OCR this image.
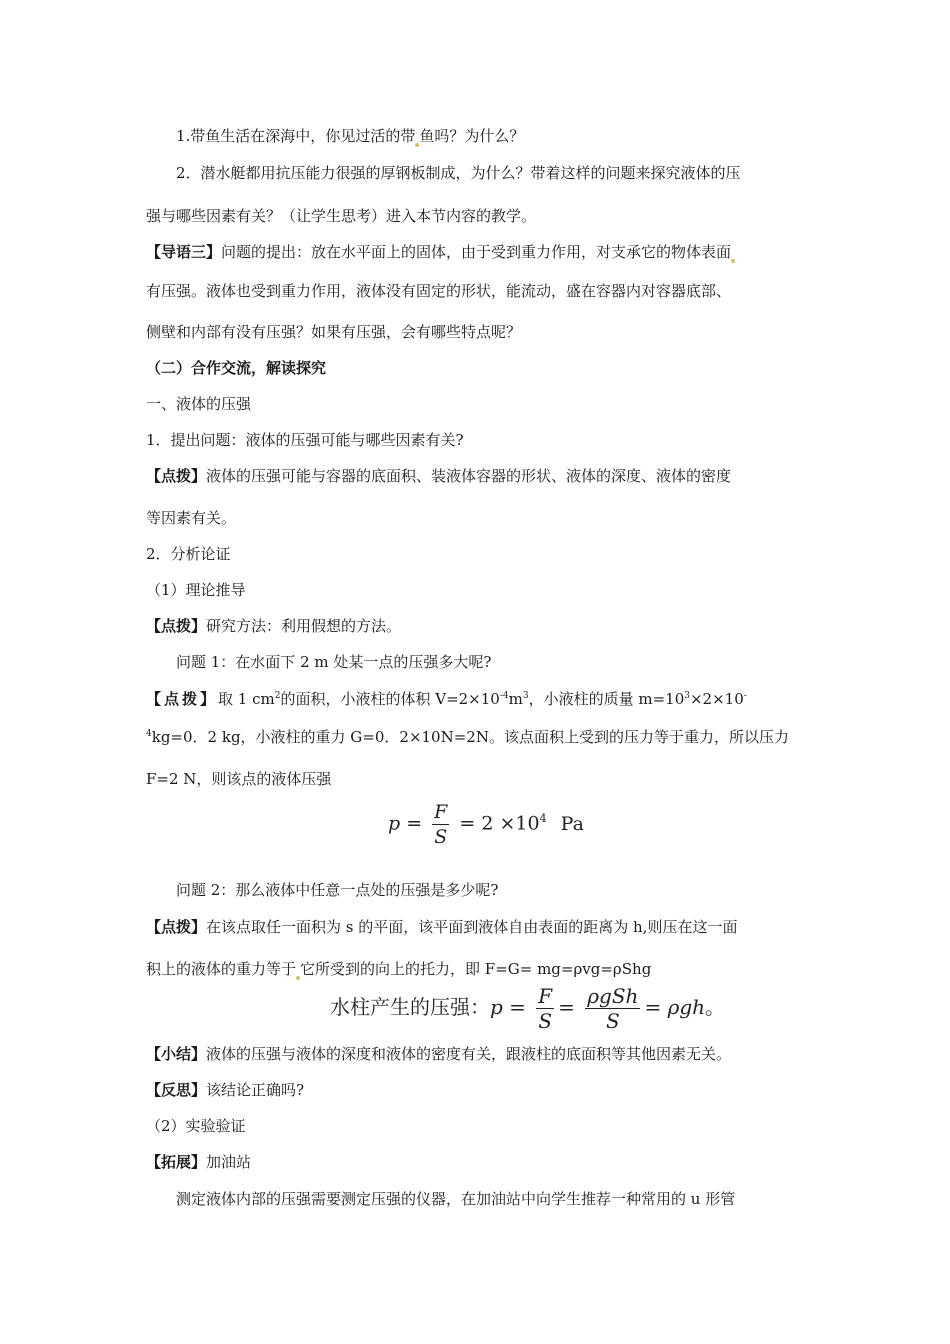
1.带鱼生活在深海中，你见过活的带 鱼吗？为什么？
2．潜水艇都用抗压能力很强的厚钢板制成，为什么？带着这样的问题来探究液体的压
强与哪些因素有关？（让学生思考）进入本节内容的教学。
【导语三】问题的提出：放在水平面上的固体，由于受到重力作用，对支承它的物体表面
有压强。液体也受到重力作用，液体没有固定的形状，能流动，盛在容器内对容器底部、
侧壁和内部有没有压强？如果有压强，会有哪些特点呢？
（二）合作交流，解读探究
一、液体的压强
1．提出问题：液体的压强可能与哪些因素有关?
【点拨】液体的压强可能与容器的底面积、装液体容器的形状、液体的深度、液体的密度
等因素有关。
2．分析论证
（1）理论推导
【点拨】研究方法：利用假想的方法。
问题 1：在水面下 2 m 处某一点的压强多大呢?
【点拨】取 1 $cm^2$的面积，小液柱的体积 $V=2\times 10^{-4}m^3$，小液柱的质量 $m=10^3\times 2\times 10^-$
$^4$kg=0．2 kg，小液柱的重力 G=0．2×10N=2N。该点面积上受到的压力等于重力，所以压力
F=2 N，则该点的液体压强
$p = \frac{F}{S} = 2 \times 10^4$ Pa
问题 2：那么液体中任意一点处的压强是多少呢?
【点拨】在该点取任一面积为 s 的平面，该平面到液体自由表面的距离为 h,则压在这一面
积上的液体的重力等于 它所受到的向上的托力，即 F=G= mg=ρvg=ρShg
水柱产生的压强：$p = \frac{F}{S} = \frac{\text{ρgSh}}{S} = \rho gh$。
【小结】液体的压强与液体的深度和液体的密度有关，跟液柱的底面积等其他因素无关。
【反思】该结论正确吗?
（2）实验验证
【拓展】加油站
测定液体内部的压强需要测定压强的仪器，在加油站中向学生推荐一种常用的 u 形管
